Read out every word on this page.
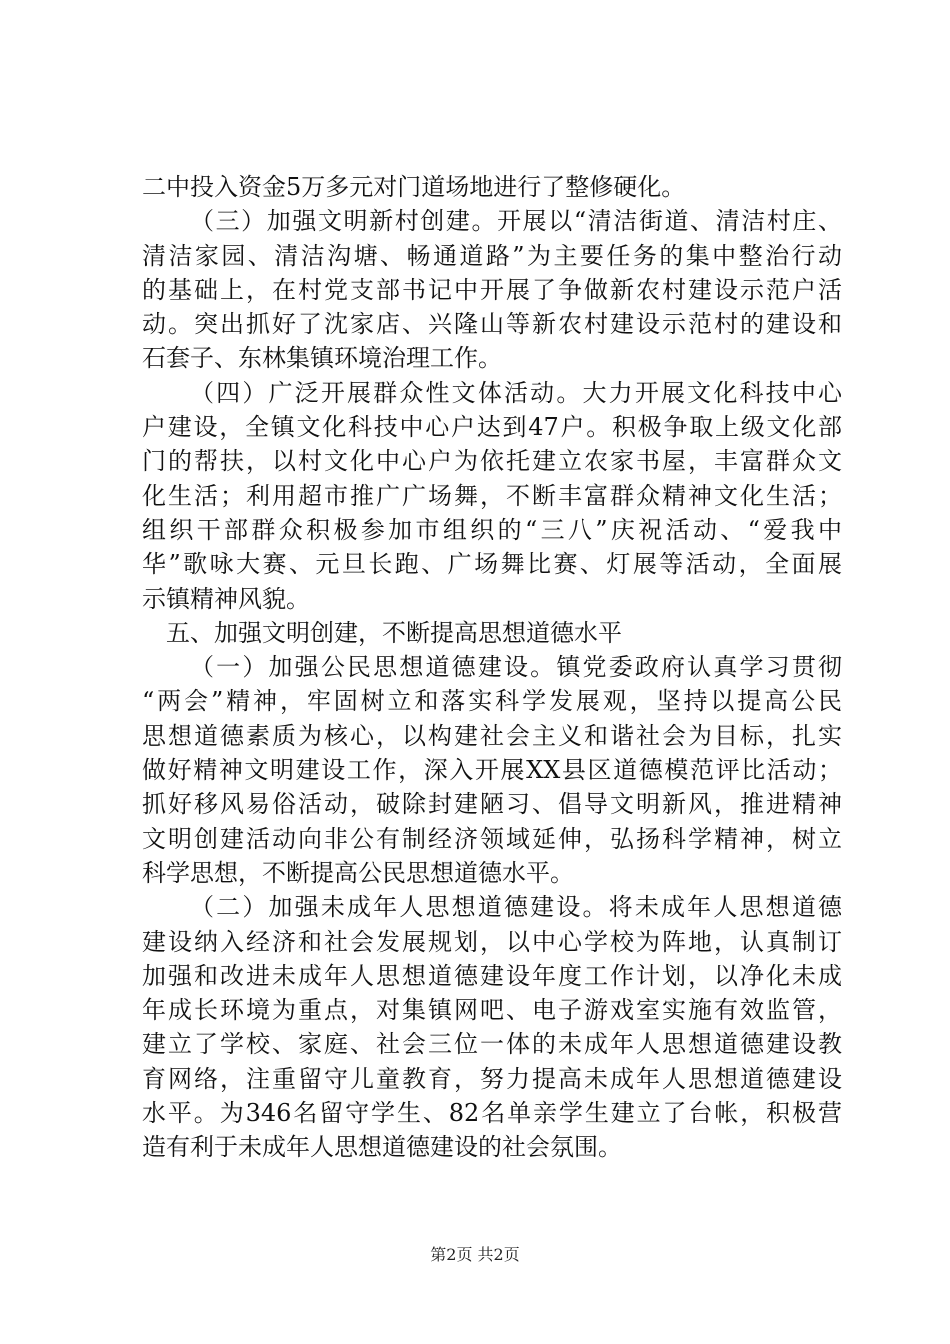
二中投入资金5万多元对门道场地进行了整修硬化。
（三）加强文明新村创建。开展以“清洁街道、清洁村庄、
清洁家园、清洁沟塘、畅通道路”为主要任务的集中整治行动
的基础上，在村党支部书记中开展了争做新农村建设示范户活
动。突出抓好了沈家店、兴隆山等新农村建设示范村的建设和
石套子、东林集镇环境治理工作。
（四）广泛开展群众性文体活动。大力开展文化科技中心
户建设，全镇文化科技中心户达到47户。积极争取上级文化部
门的帮扶，以村文化中心户为依托建立农家书屋，丰富群众文
化生活；利用超市推广广场舞，不断丰富群众精神文化生活；
组织干部群众积极参加市组织的“三八”庆祝活动、“爱我中
华”歌咏大赛、元旦长跑、广场舞比赛、灯展等活动，全面展
示镇精神风貌。
五、加强文明创建，不断提高思想道德水平
（一）加强公民思想道德建设。镇党委政府认真学习贯彻
“两会”精神，牢固树立和落实科学发展观，坚持以提高公民
思想道德素质为核心，以构建社会主义和谐社会为目标，扎实
做好精神文明建设工作，深入开展XX县区道德模范评比活动；
抓好移风易俗活动，破除封建陋习、倡导文明新风，推进精神
文明创建活动向非公有制经济领域延伸，弘扬科学精神，树立
科学思想，不断提高公民思想道德水平。
（二）加强未成年人思想道德建设。将未成年人思想道德
建设纳入经济和社会发展规划，以中心学校为阵地，认真制订
加强和改进未成年人思想道德建设年度工作计划，以净化未成
年成长环境为重点，对集镇网吧、电子游戏室实施有效监管，
建立了学校、家庭、社会三位一体的未成年人思想道德建设教
育网络，注重留守儿童教育，努力提高未成年人思想道德建设
水平。为346名留守学生、82名单亲学生建立了台帐，积极营
造有利于未成年人思想道德建设的社会氛围。
第2页 共2页
